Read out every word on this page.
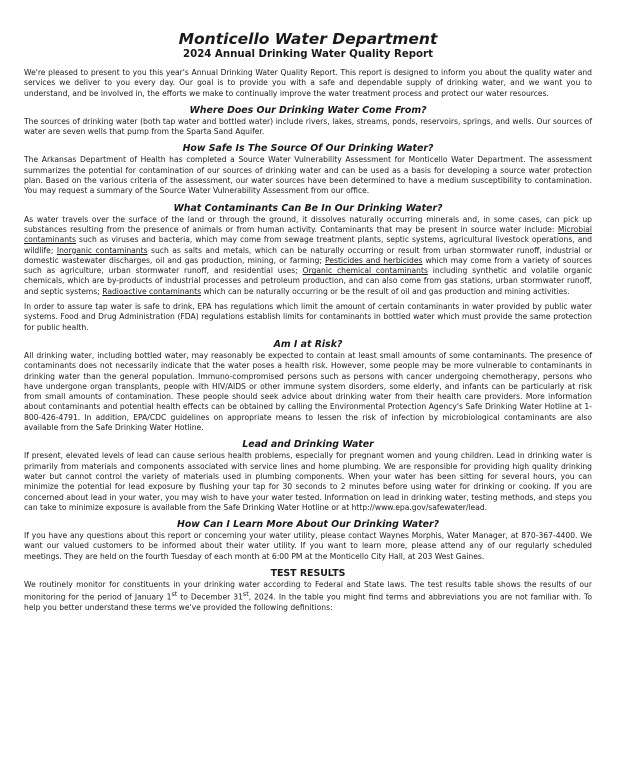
Monticello Water Department
2024 Annual Drinking Water Quality Report

We're pleased to present to you this year's Annual Drinking Water Quality Report. This report is designed to inform you about the quality water and services we deliver to you every day. Our goal is to provide you with a safe and dependable supply of drinking water, and we want you to understand, and be involved in, the efforts we make to continually improve the water treatment process and protect our water resources.

Where Does Our Drinking Water Come From?

The sources of drinking water (both tap water and bottled water) include rivers, lakes, streams, ponds, reservoirs, springs, and wells. Our sources of water are seven wells that pump from the Sparta Sand Aquifer.

How Safe Is The Source Of Our Drinking Water?

The Arkansas Department of Health has completed a Source Water Vulnerability Assessment for Monticello Water Department. The assessment summarizes the potential for contamination of our sources of drinking water and can be used as a basis for developing a source water protection plan. Based on the various criteria of the assessment, our water sources have been determined to have a medium susceptibility to contamination. You may request a summary of the Source Water Vulnerability Assessment from our office.

What Contaminants Can Be In Our Drinking Water?

As water travels over the surface of the land or through the ground, it dissolves naturally occurring minerals and, in some cases, can pick up substances resulting from the presence of animals or from human activity. Contaminants that may be present in source water include: Microbial contaminants such as viruses and bacteria, which may come from sewage treatment plants, septic systems, agricultural livestock operations, and wildlife; Inorganic contaminants such as salts and metals, which can be naturally occurring or result from urban stormwater runoff, industrial or domestic wastewater discharges, oil and gas production, mining, or farming; Pesticides and herbicides which may come from a variety of sources such as agriculture, urban stormwater runoff, and residential uses; Organic chemical contaminants including synthetic and volatile organic chemicals, which are by-products of industrial processes and petroleum production, and can also come from gas stations, urban stormwater runoff, and septic systems; Radioactive contaminants which can be naturally occurring or be the result of oil and gas production and mining activities.

In order to assure tap water is safe to drink, EPA has regulations which limit the amount of certain contaminants in water provided by public water systems. Food and Drug Administration (FDA) regulations establish limits for contaminants in bottled water which must provide the same protection for public health.

Am I at Risk?

All drinking water, including bottled water, may reasonably be expected to contain at least small amounts of some contaminants. The presence of contaminants does not necessarily indicate that the water poses a health risk. However, some people may be more vulnerable to contaminants in drinking water than the general population. Immuno-compromised persons such as persons with cancer undergoing chemotherapy, persons who have undergone organ transplants, people with HIV/AIDS or other immune system disorders, some elderly, and infants can be particularly at risk from small amounts of contamination. These people should seek advice about drinking water from their health care providers. More information about contaminants and potential health effects can be obtained by calling the Environmental Protection Agency's Safe Drinking Water Hotline at 1-800-426-4791. In addition, EPA/CDC guidelines on appropriate means to lessen the risk of infection by microbiological contaminants are also available from the Safe Drinking Water Hotline.

Lead and Drinking Water

If present, elevated levels of lead can cause serious health problems, especially for pregnant women and young children. Lead in drinking water is primarily from materials and components associated with service lines and home plumbing. We are responsible for providing high quality drinking water but cannot control the variety of materials used in plumbing components. When your water has been sitting for several hours, you can minimize the potential for lead exposure by flushing your tap for 30 seconds to 2 minutes before using water for drinking or cooking. If you are concerned about lead in your water, you may wish to have your water tested. Information on lead in drinking water, testing methods, and steps you can take to minimize exposure is available from the Safe Drinking Water Hotline or at http://www.epa.gov/safewater/lead.

How Can I Learn More About Our Drinking Water?

If you have any questions about this report or concerning your water utility, please contact Waynes Morphis, Water Manager, at 870-367-4400. We want our valued customers to be informed about their water utility. If you want to learn more, please attend any of our regularly scheduled meetings. They are held on the fourth Tuesday of each month at 6:00 PM at the Monticello City Hall, at 203 West Gaines.

TEST RESULTS

We routinely monitor for constituents in your drinking water according to Federal and State laws. The test results table shows the results of our monitoring for the period of January 1st to December 31st, 2024. In the table you might find terms and abbreviations you are not familiar with. To help you better understand these terms we've provided the following definitions:
